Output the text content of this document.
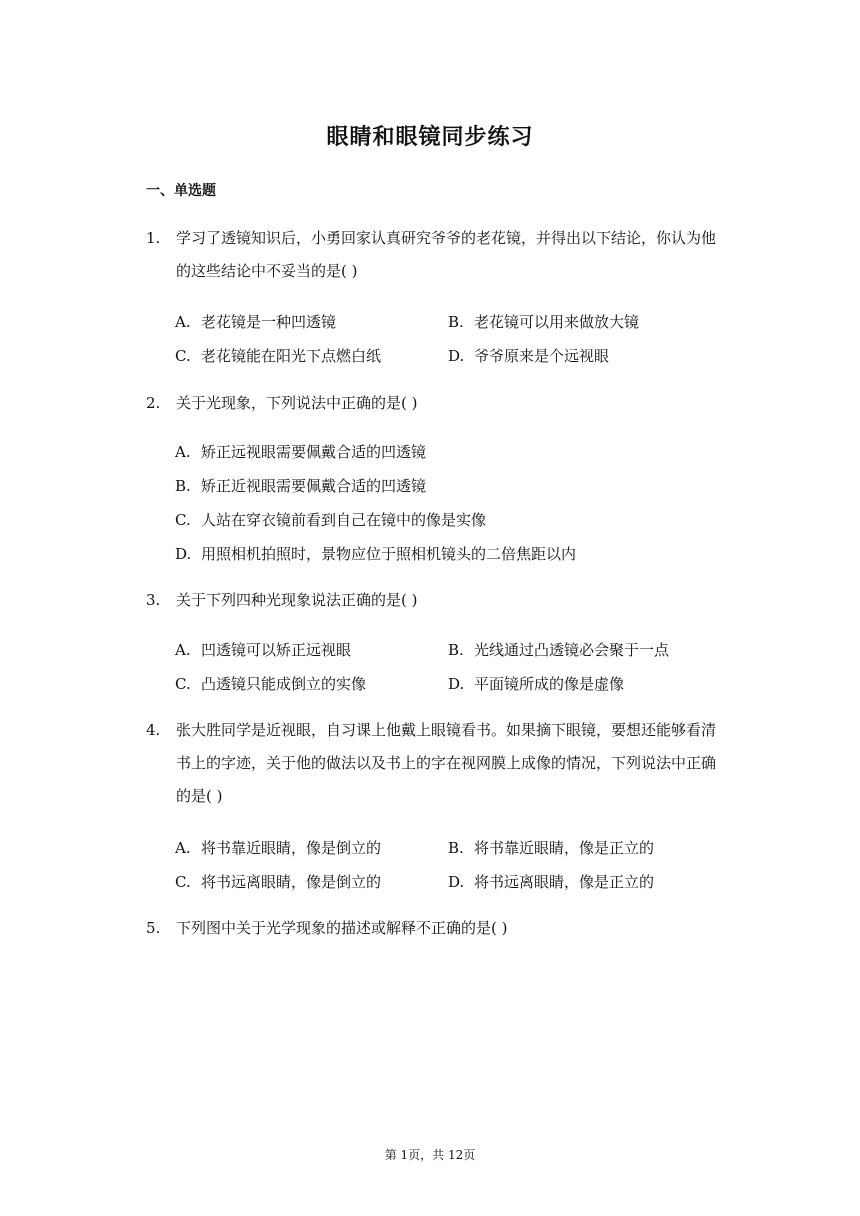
眼睛和眼镜同步练习
一、单选题
1. 学习了透镜知识后，小勇回家认真研究爷爷的老花镜，并得出以下结论，你认为他的这些结论中不妥当的是( )
A. 老花镜是一种凹透镜	B. 老花镜可以用来做放大镜
C. 老花镜能在阳光下点燃白纸	D. 爷爷原来是个远视眼
2. 关于光现象，下列说法中正确的是( )
A. 矫正远视眼需要佩戴合适的凹透镜
B. 矫正近视眼需要佩戴合适的凹透镜
C. 人站在穿衣镜前看到自己在镜中的像是实像
D. 用照相机拍照时，景物应位于照相机镜头的二倍焦距以内
3. 关于下列四种光现象说法正确的是( )
A. 凹透镜可以矫正远视眼	B. 光线通过凸透镜必会聚于一点
C. 凸透镜只能成倒立的实像	D. 平面镜所成的像是虚像
4. 张大胜同学是近视眼，自习课上他戴上眼镜看书。如果摘下眼镜，要想还能够看清书上的字迹，关于他的做法以及书上的字在视网膜上成像的情况，下列说法中正确的是( )
A. 将书靠近眼睛，像是倒立的	B. 将书靠近眼睛，像是正立的
C. 将书远离眼睛，像是倒立的	D. 将书远离眼睛，像是正立的
5. 下列图中关于光学现象的描述或解释不正确的是( )
第 1页，共 12页
